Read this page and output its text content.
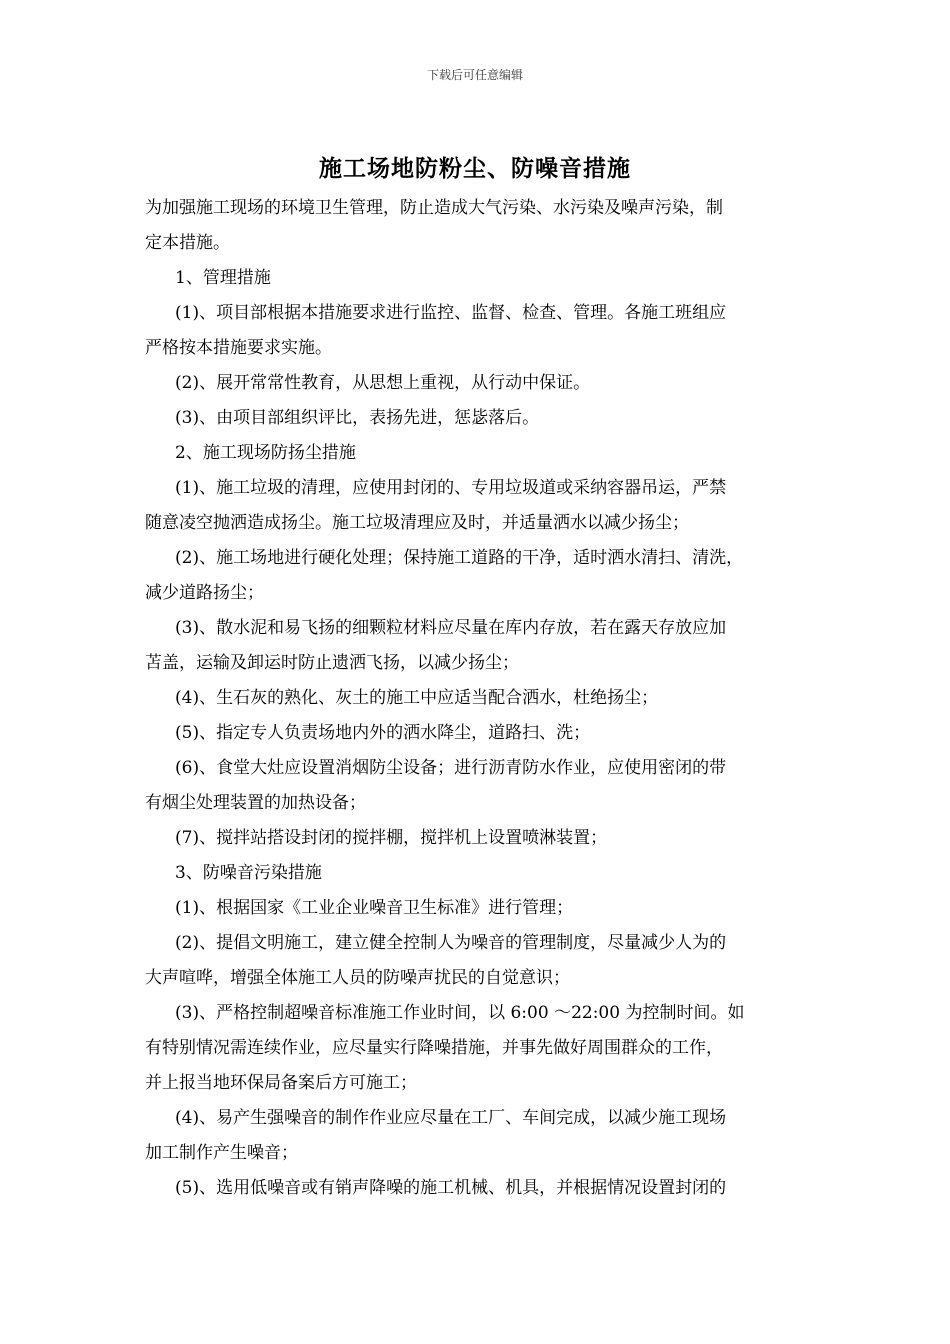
下载后可任意编辑
施工场地防粉尘、防噪音措施
为加强施工现场的环境卫生管理，防止造成大气污染、水污染及噪声污染，制
定本措施。
1、管理措施
(1)、项目部根据本措施要求进行监控、监督、检查、管理。各施工班组应
严格按本措施要求实施。
(2)、展开常常性教育，从思想上重视，从行动中保证。
(3)、由项目部组织评比，表扬先进，惩毖落后。
2、施工现场防扬尘措施
(1)、施工垃圾的清理，应使用封闭的、专用垃圾道或采纳容器吊运，严禁
随意凌空抛洒造成扬尘。施工垃圾清理应及时，并适量洒水以减少扬尘；
(2)、施工场地进行硬化处理；保持施工道路的干净，适时洒水清扫、清洗，
减少道路扬尘；
(3)、散水泥和易飞扬的细颗粒材料应尽量在库内存放，若在露天存放应加
苫盖，运输及卸运时防止遗洒飞扬，以减少扬尘；
(4)、生石灰的熟化、灰土的施工中应适当配合洒水，杜绝扬尘；
(5)、指定专人负责场地内外的洒水降尘，道路扫、洗；
(6)、食堂大灶应设置消烟防尘设备；进行沥青防水作业，应使用密闭的带
有烟尘处理装置的加热设备；
(7)、搅拌站搭设封闭的搅拌棚，搅拌机上设置喷淋装置；
3、防噪音污染措施
(1)、根据国家《工业企业噪音卫生标准》进行管理；
(2)、提倡文明施工，建立健全控制人为噪音的管理制度，尽量减少人为的
大声喧哗，增强全体施工人员的防噪声扰民的自觉意识；
(3)、严格控制超噪音标准施工作业时间，以 6:00 ～22:00 为控制时间。如
有特别情况需连续作业，应尽量实行降噪措施，并事先做好周围群众的工作，
并上报当地环保局备案后方可施工；
(4)、易产生强噪音的制作作业应尽量在工厂、车间完成，以减少施工现场
加工制作产生噪音；
(5)、选用低噪音或有销声降噪的施工机械、机具，并根据情况设置封闭的
